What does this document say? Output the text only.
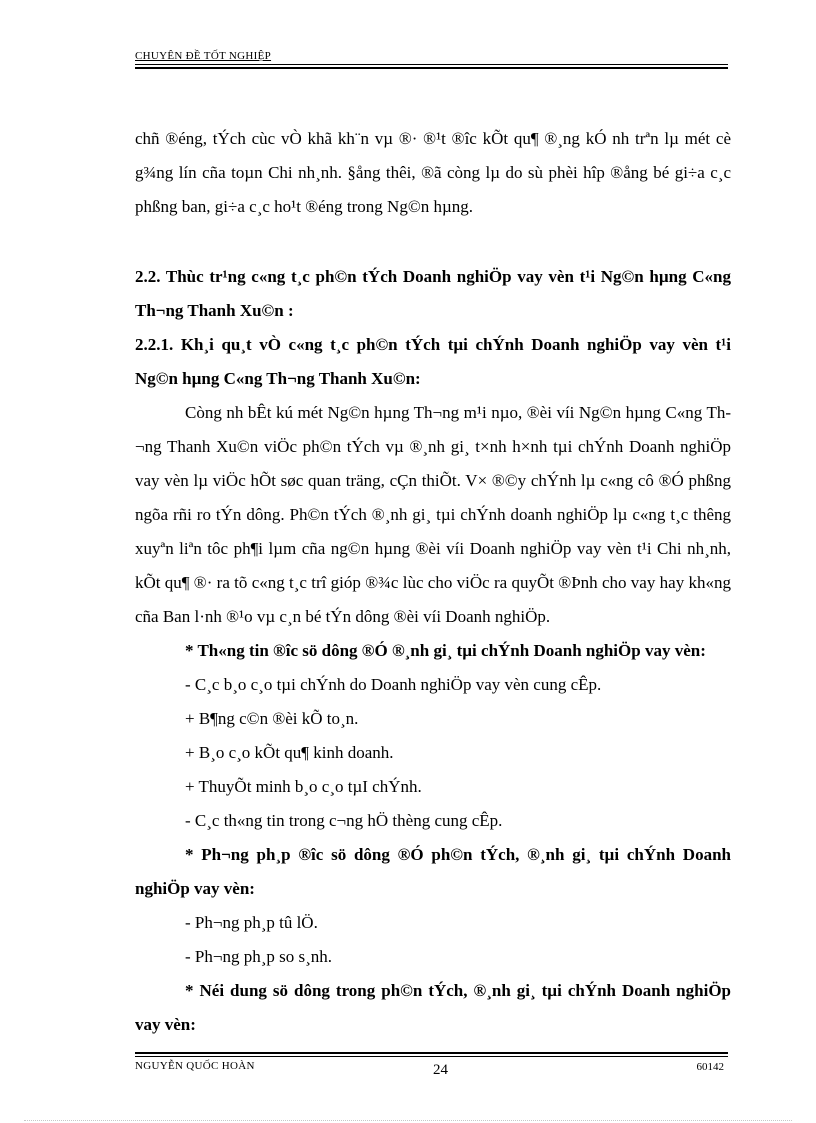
CHUYÊN ĐỀ TỐT NGHIỆP

chñ ®éng, tÝch cùc vÒ khã kh¨n vµ ®· ®¹t ®îc kÕt qu¶ ®¸ng kÓ nh trªn lµ mét cè g¾ng lín cña toµn Chi nh¸nh. §ång thêi, ®ã còng lµ do sù phèi hîp ®ång bé gi÷a c¸c phßng ban, gi÷a c¸c ho¹t ®éng trong Ng©n hµng.

2.2. Thùc tr¹ng c«ng t¸c ph©n tÝch Doanh nghiÖp vay vèn t¹i Ng©n hµng C«ng Th¬ng Thanh Xu©n :

2.2.1. Kh¸i qu¸t vÒ c«ng t¸c ph©n tÝch tµi chÝnh Doanh nghiÖp vay vèn t¹i Ng©n hµng C«ng Th¬ng Thanh Xu©n:

Còng nh bÊt kú mét Ng©n hµng Th¬ng m¹i nµo, ®èi víi Ng©n hµng C«ng Th¬ng Thanh Xu©n viÖc ph©n tÝch vµ ®¸nh gi¸ t×nh h×nh tµi chÝnh Doanh nghiÖp vay vèn lµ viÖc hÕt søc quan träng, cÇn thiÕt. V× ®©y chÝnh lµ c«ng cô ®Ó phßng ngõa rñi ro tÝn dông. Ph©n tÝch ®¸nh gi¸ tµi chÝnh doanh nghiÖp lµ c«ng t¸c thêng xuyªn liªn tôc ph¶i lµm cña ng©n hµng ®èi víi Doanh nghiÖp vay vèn t¹i Chi nh¸nh, kÕt qu¶ ®· ra tõ c«ng t¸c trî gióp ®¾c lùc cho viÖc ra quyÕt ®Þnh cho vay hay kh«ng cña Ban l·nh ®¹o vµ c¸n bé tÝn dông ®èi víi Doanh nghiÖp.

* Th«ng tin ®îc sö dông ®Ó ®¸nh gi¸ tµi chÝnh Doanh nghiÖp vay vèn:

- C¸c b¸o c¸o tµi chÝnh do Doanh nghiÖp vay vèn cung cÊp.

+ B¶ng c©n ®èi kÕ to¸n.

+ B¸o c¸o kÕt qu¶ kinh doanh.

+ ThuyÕt minh b¸o c¸o tµI chÝnh.

- C¸c th«ng tin trong c¬ng hÖ thèng cung cÊp.

* Ph¬ng ph¸p ®îc sö dông ®Ó ph©n tÝch, ®¸nh gi¸ tµi chÝnh Doanh nghiÖp vay vèn:

- Ph¬ng ph¸p tû lÖ.

- Ph¬ng ph¸p so s¸nh.

* Néi dung sö dông trong ph©n tÝch, ®¸nh gi¸ tµi chÝnh Doanh nghiÖp vay vèn:

NGUYỄN QUỐC HOÀN	24	60142
